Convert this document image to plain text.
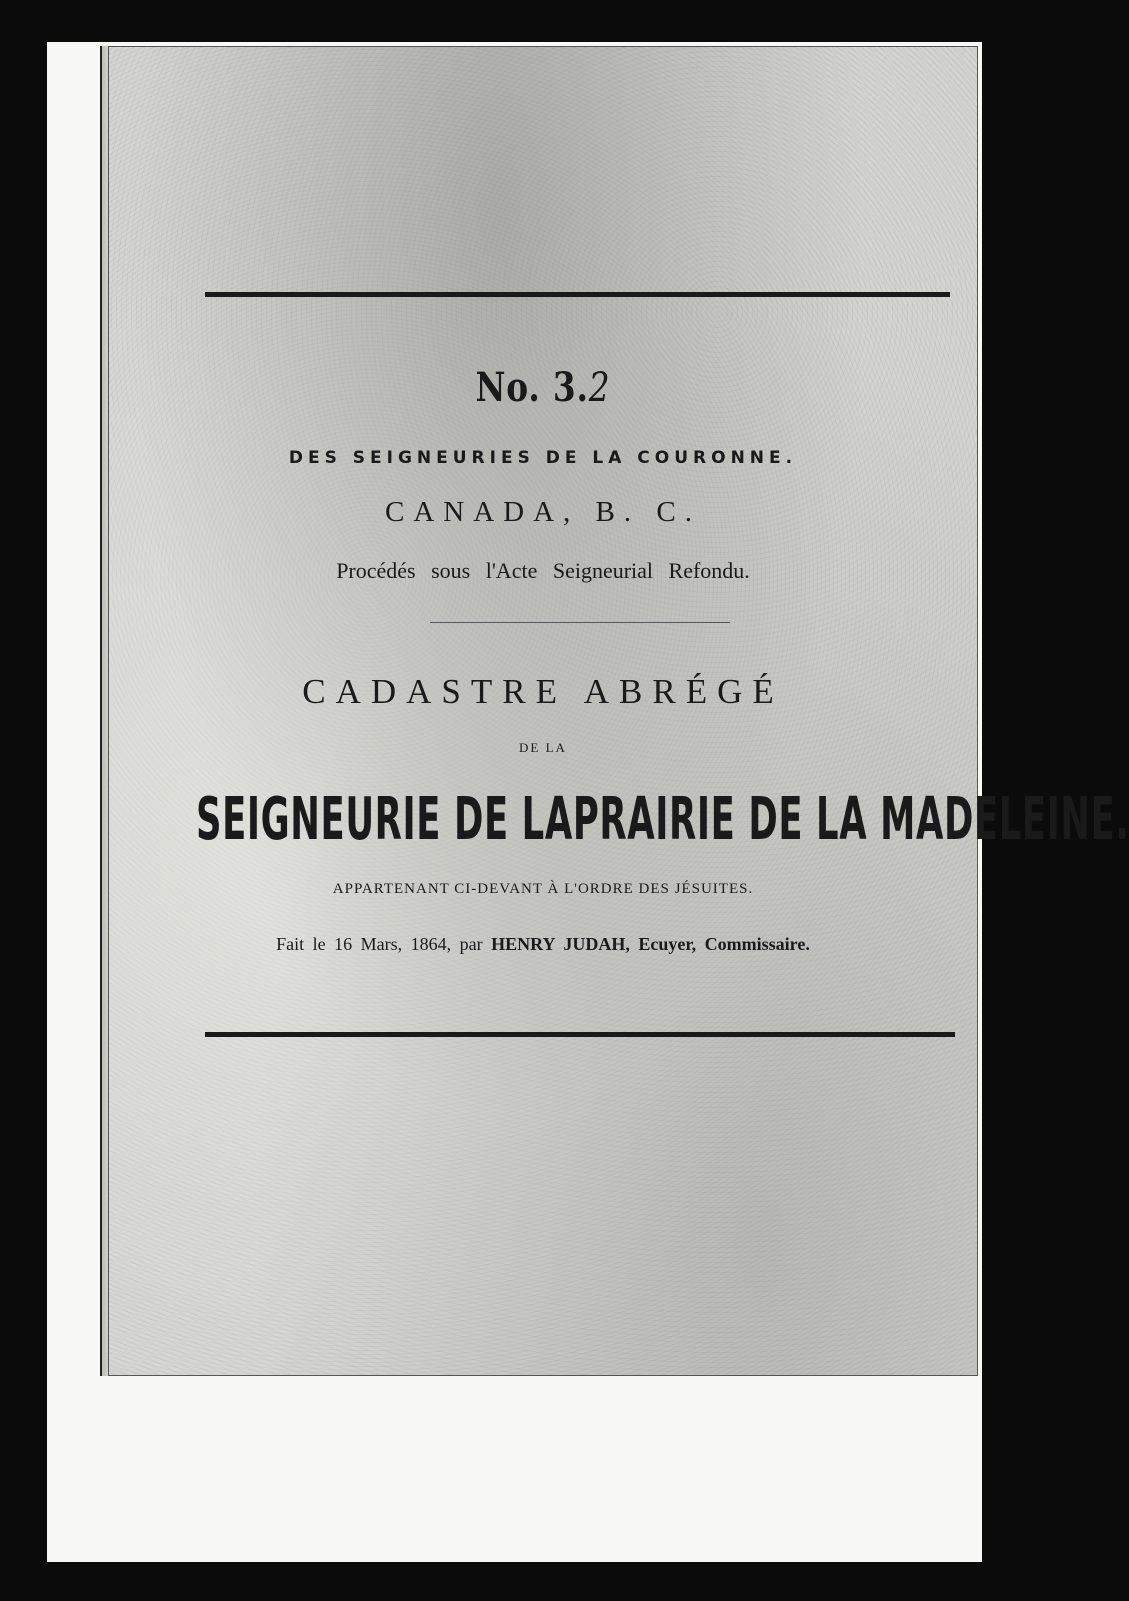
No. 3.2
DES SEIGNEURIES DE LA COURONNE.
CANADA, B. C.
Procédés sous l'Acte Seigneurial Refondu.
CADASTRE ABRÉGÉ
DE LA
SEIGNEURIE DE LAPRAIRIE DE LA MADELEINE.
APPARTENANT CI-DEVANT À L'ORDRE DES JÉSUITES.
Fait le 16 Mars, 1864, par HENRY JUDAH, Ecuyer, Commissaire.
